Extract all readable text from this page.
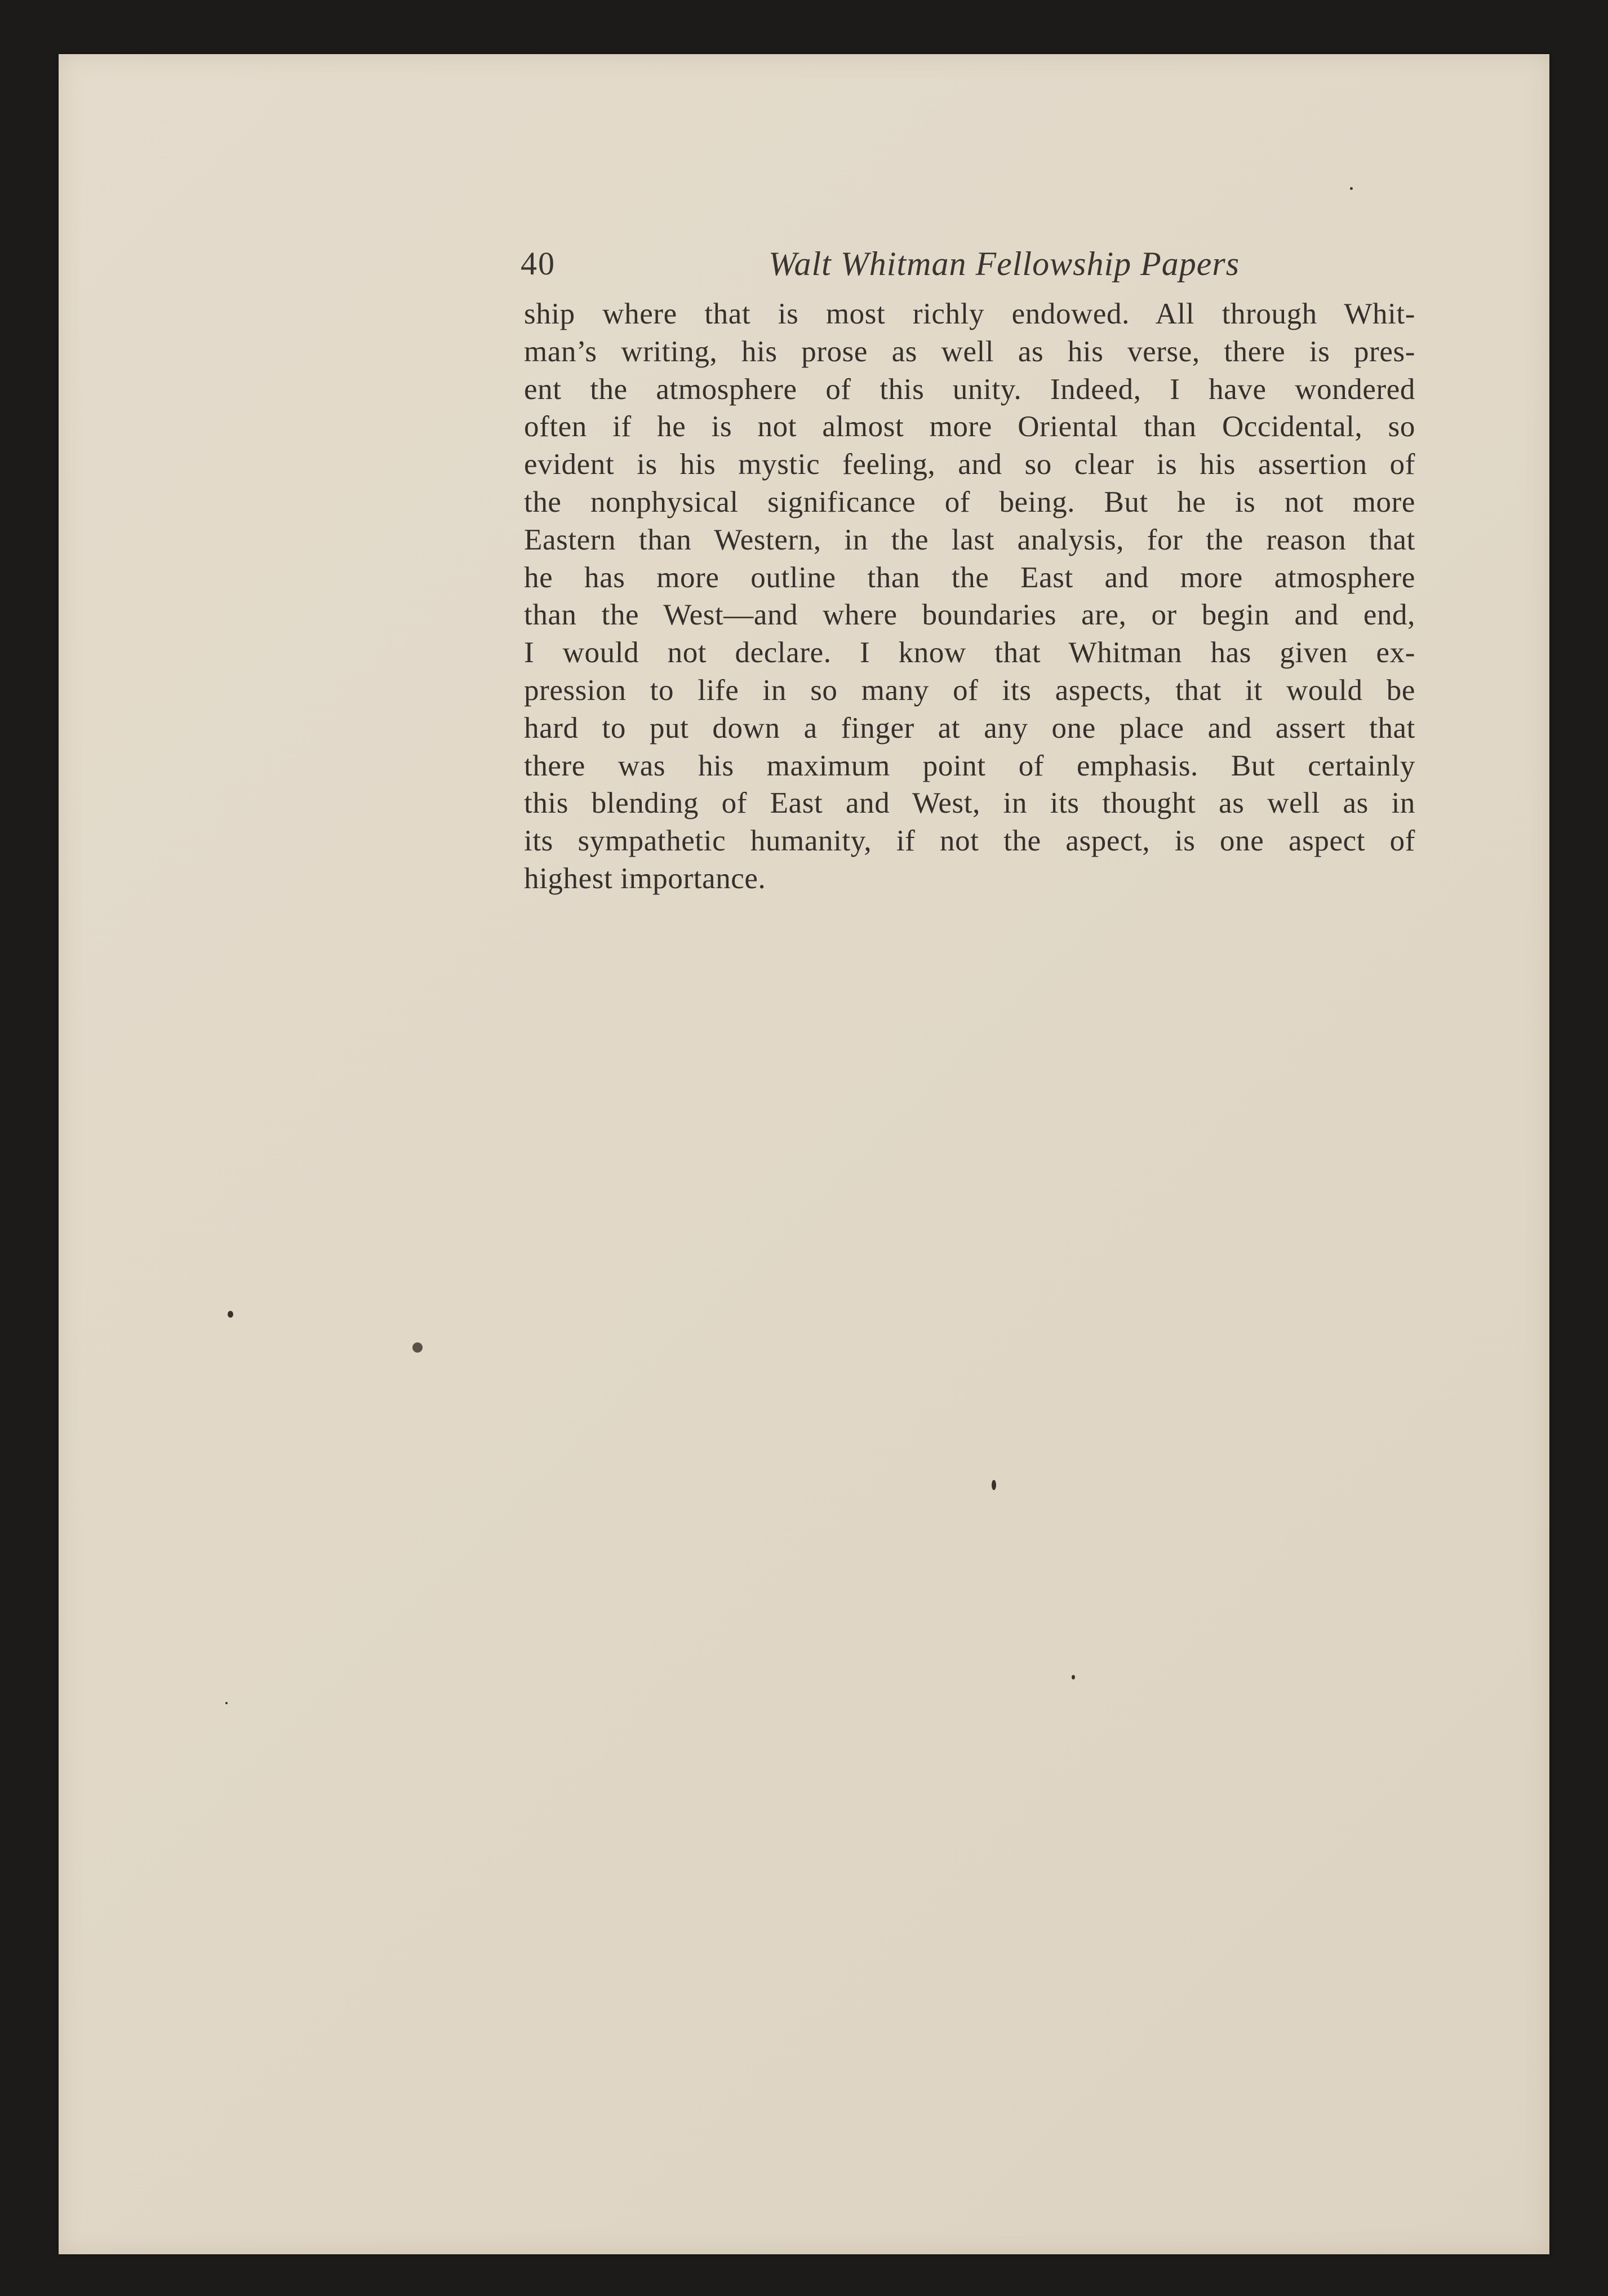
40	Walt Whitman Fellowship Papers
ship where that is most richly endowed. All through Whit-
man’s writing, his prose as well as his verse, there is pres-
ent the atmosphere of this unity. Indeed, I have wondered
often if he is not almost more Oriental than Occidental, so
evident is his mystic feeling, and so clear is his assertion of
the nonphysical significance of being. But he is not more
Eastern than Western, in the last analysis, for the reason that
he has more outline than the East and more atmosphere
than the West—and where boundaries are, or begin and end,
I would not declare. I know that Whitman has given ex-
pression to life in so many of its aspects, that it would be
hard to put down a finger at any one place and assert that
there was his maximum point of emphasis. But certainly
this blending of East and West, in its thought as well as in
its sympathetic humanity, if not the aspect, is one aspect of
highest importance.
